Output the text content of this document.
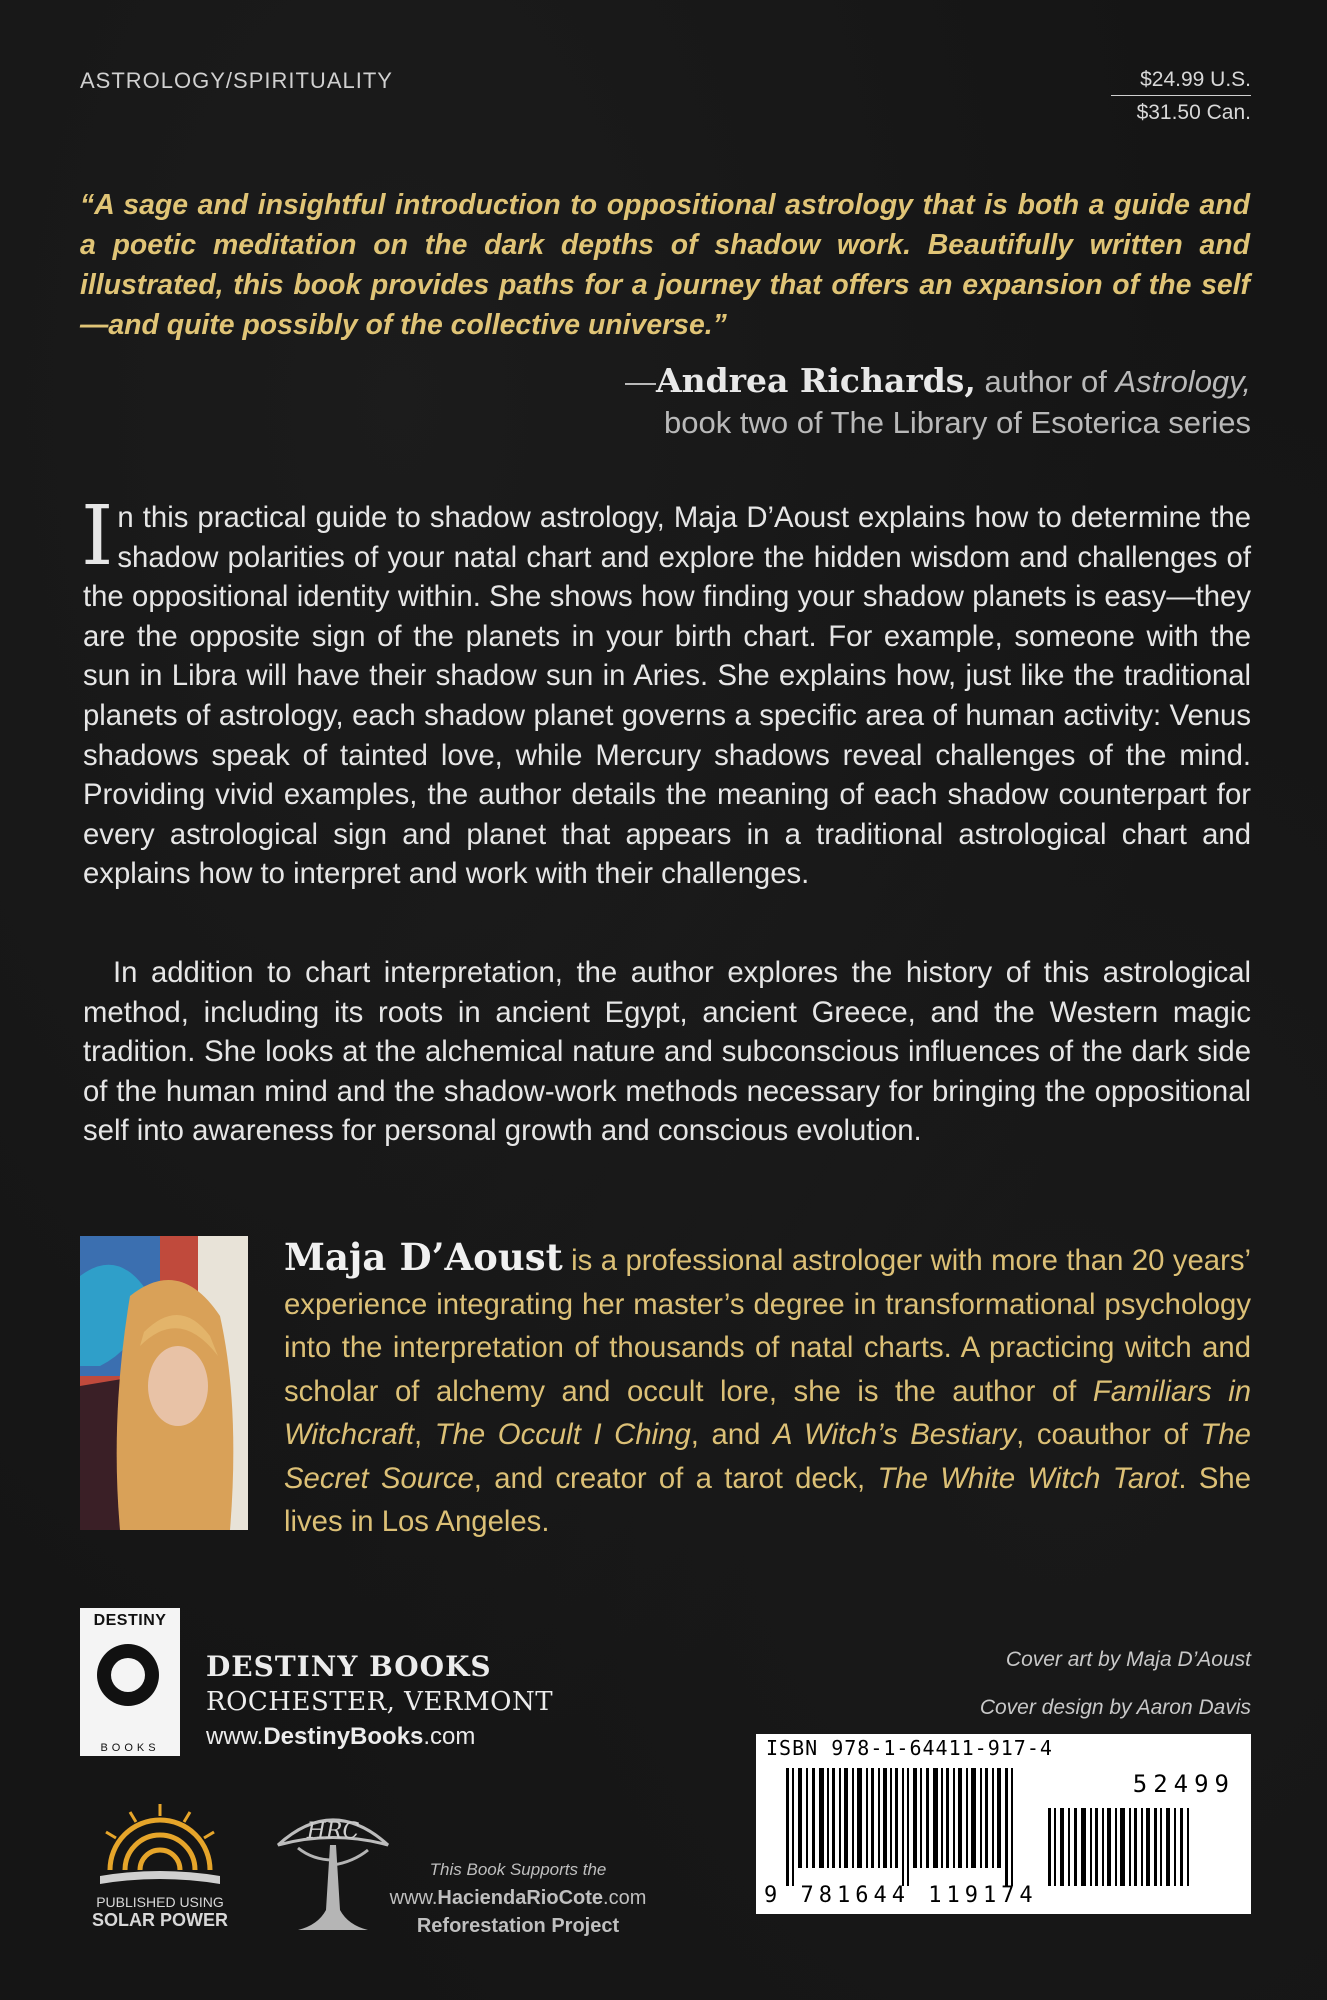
ASTROLOGY/SPIRITUALITY	$24.99 U.S.
$31.50 Can.
“A sage and insightful introduction to oppositional astrology that is both a guide and a poetic meditation on the dark depths of shadow work. Beautifully written and illustrated, this book provides paths for a journey that offers an expansion of the self—and quite possibly of the collective universe.”
—Andrea Richards, author of Astrology,
book two of The Library of Esoterica series
In this practical guide to shadow astrology, Maja D’Aoust explains how to determine the shadow polarities of your natal chart and explore the hidden wisdom and challenges of the oppositional identity within. She shows how finding your shadow planets is easy—they are the opposite sign of the planets in your birth chart. For example, someone with the sun in Libra will have their shadow sun in Aries. She explains how, just like the traditional planets of astrology, each shadow planet governs a specific area of human activity: Venus shadows speak of tainted love, while Mercury shadows reveal challenges of the mind. Providing vivid examples, the author details the meaning of each shadow counterpart for every astrological sign and planet that appears in a traditional astrological chart and explains how to interpret and work with their challenges.
In addition to chart interpretation, the author explores the history of this astrological method, including its roots in ancient Egypt, ancient Greece, and the Western magic tradition. She looks at the alchemical nature and subconscious influences of the dark side of the human mind and the shadow-work methods necessary for bringing the oppositional self into awareness for personal growth and conscious evolution.
Maja D’Aoust is a professional astrologer with more than 20 years’ experience integrating her master’s degree in transformational psychology into the interpretation of thousands of natal charts. A practicing witch and scholar of alchemy and occult lore, she is the author of Familiars in Witchcraft, The Occult I Ching, and A Witch’s Bestiary, coauthor of The Secret Source, and creator of a tarot deck, The White Witch Tarot. She lives in Los Angeles.
DESTINY
BOOKS
DESTINY BOOKS
ROCHESTER, VERMONT
www.DestinyBooks.com
Cover art by Maja D’Aoust
Cover design by Aaron Davis
ISBN 978-1-64411-917-4
52499
9 781644 119174
PUBLISHED USING
SOLAR POWER
HRC
This Book Supports the
www.HaciendaRioCote.com
Reforestation Project
